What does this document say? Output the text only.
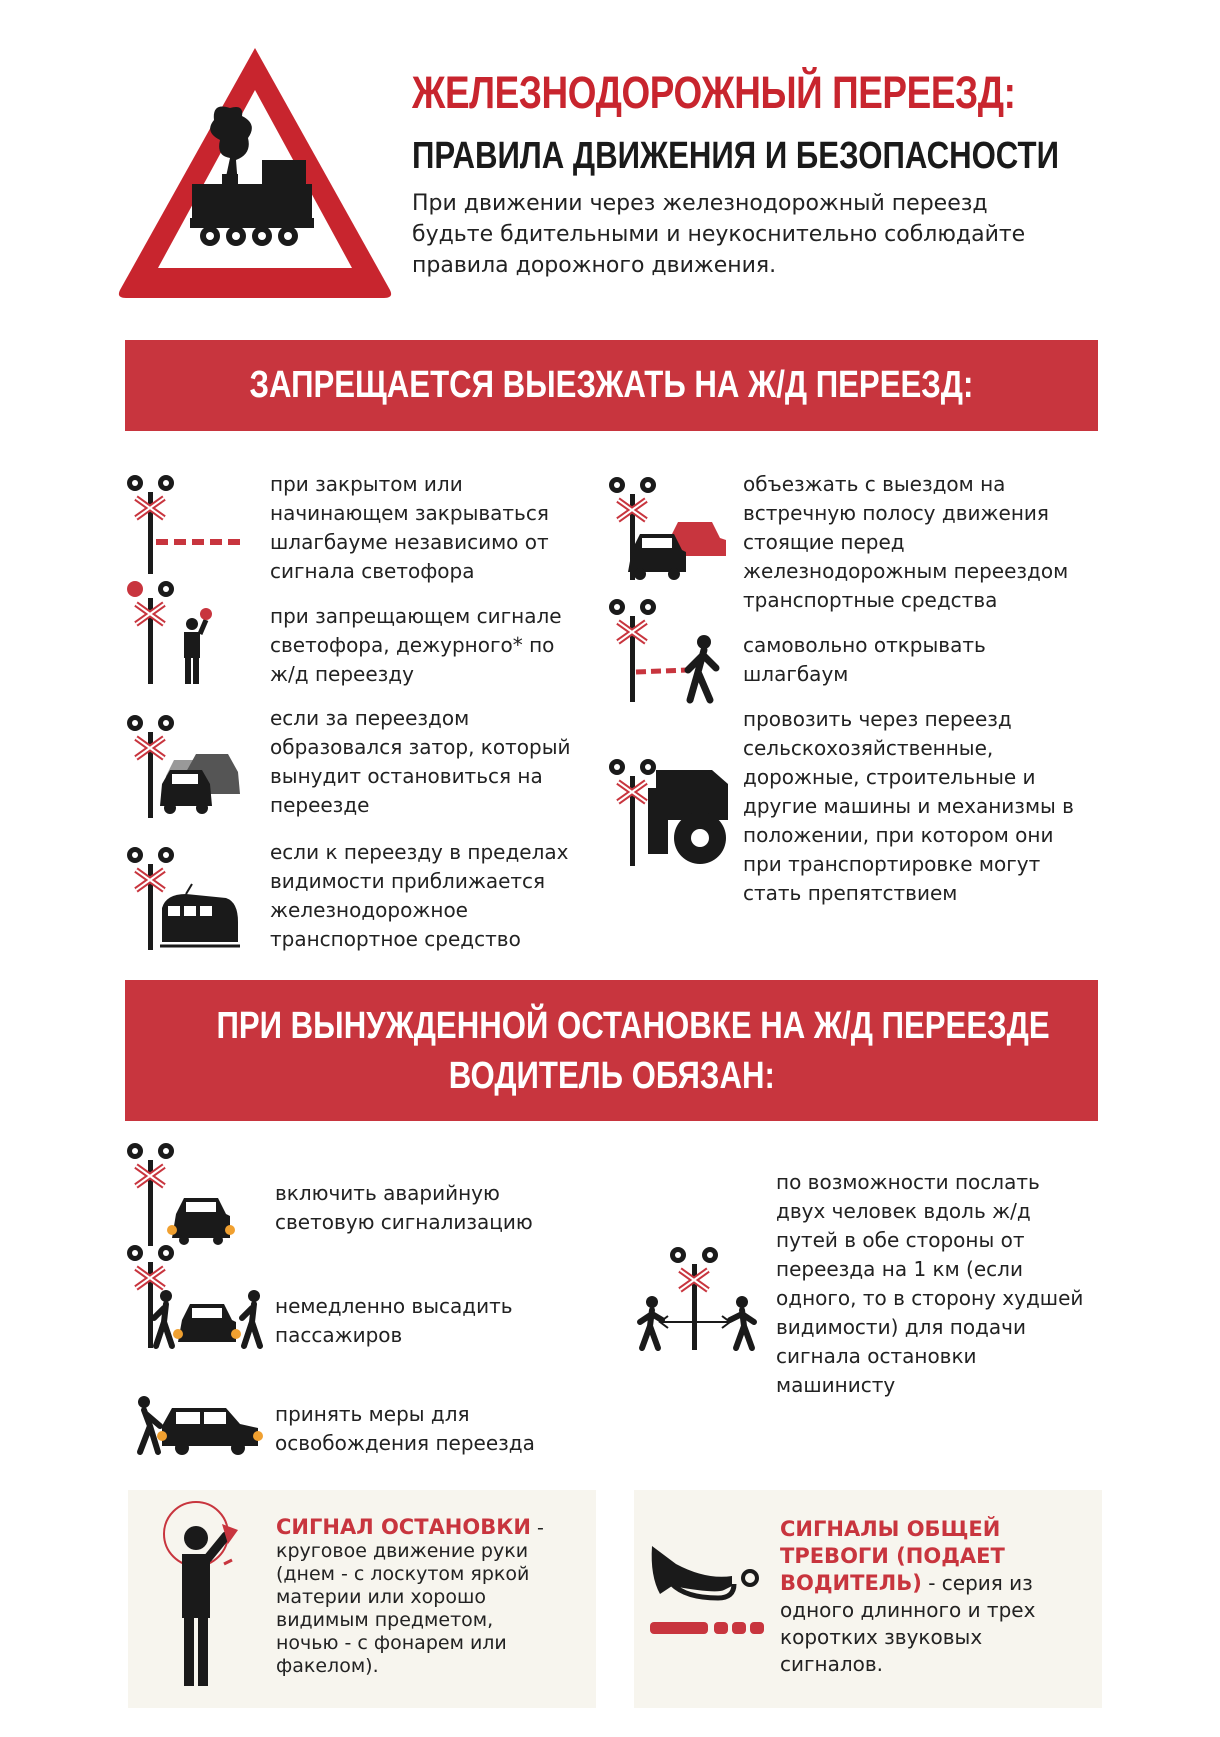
ЖЕЛЕЗНОДОРОЖНЫЙ ПЕРЕЕЗД:
ПРАВИЛА ДВИЖЕНИЯ И БЕЗОПАСНОСТИ
При движении через железнодорожный переезд
будьте бдительными и неукоснительно соблюдайте
правила дорожного движения.
ЗАПРЕЩАЕТСЯ ВЫЕЗЖАТЬ НА Ж/Д ПЕРЕЕЗД:
при закрытом или
начинающем закрываться
шлагбауме независимо от
сигнала светофора
при запрещающем сигнале
светофора, дежурного* по
ж/д переезду
если за переездом
образовался затор, который
вынудит остановиться на
переезде
если к переезду в пределах
видимости приближается
железнодорожное
транспортное средство
объезжать с выездом на
встречную полосу движения
стоящие перед
железнодорожным переездом
транспортные средства
самовольно открывать
шлагбаум
провозить через переезд
сельскохозяйственные,
дорожные, строительные и
другие машины и механизмы в
положении, при котором они
при транспортировке могут
стать препятствием
ПРИ ВЫНУЖДЕННОЙ ОСТАНОВКЕ НА Ж/Д ПЕРЕЕЗДЕ
ВОДИТЕЛЬ ОБЯЗАН:
включить аварийную
световую сигнализацию
немедленно высадить
пассажиров
принять меры для
освобождения переезда
по возможности послать
двух человек вдоль ж/д
путей в обе стороны от
переезда на 1 км (если
одного, то в сторону худшей
видимости) для подачи
сигнала остановки
машинисту
СИГНАЛ ОСТАНОВКИ -
круговое движение руки
(днем - с лоскутом яркой
материи или хорошо
видимым предметом,
ночью - с фонарем или
факелом).
СИГНАЛЫ ОБЩЕЙ
ТРЕВОГИ (ПОДАЕТ
ВОДИТЕЛЬ) - серия из
одного длинного и трех
коротких звуковых
сигналов.
